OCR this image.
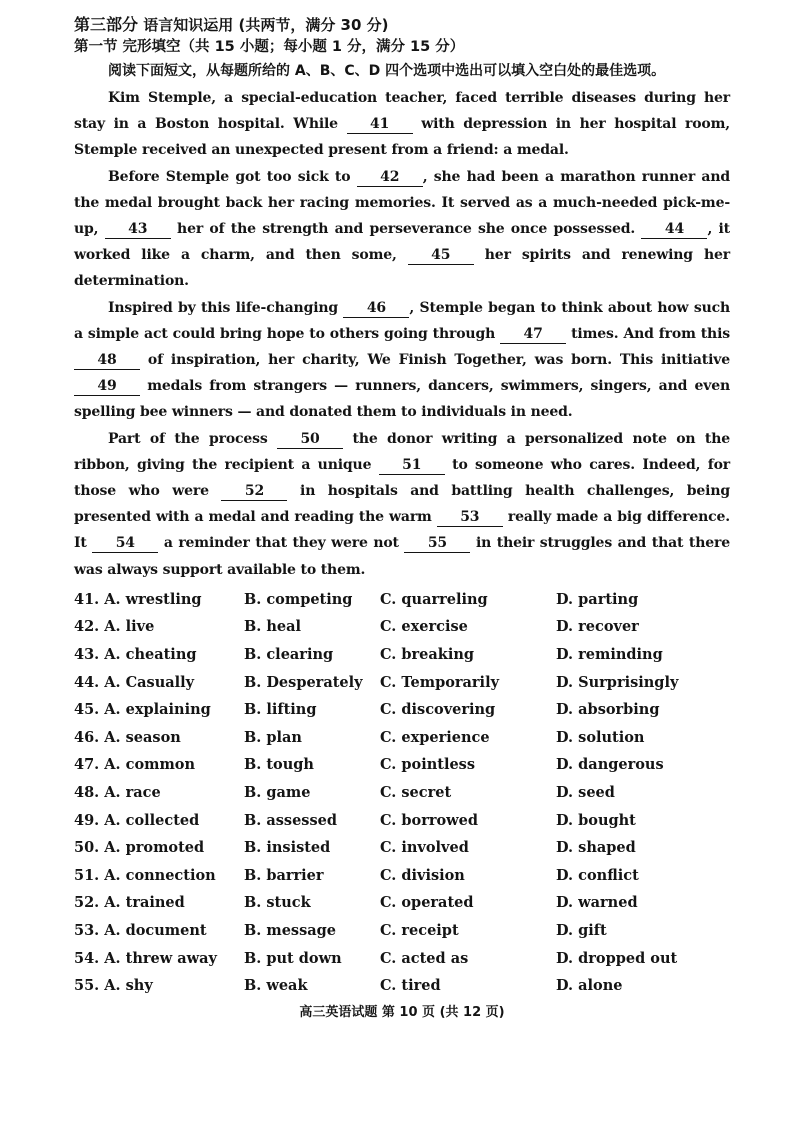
第三部分 语言知识运用 (共两节，满分 30 分)
第一节 完形填空（共 15 小题；每小题 1 分，满分 15 分）
阅读下面短文，从每题所给的 A、B、C、D 四个选项中选出可以填入空白处的最佳选项。

Kim Stemple, a special-education teacher, faced terrible diseases during her stay in a Boston hospital. While 41 with depression in her hospital room, Stemple received an unexpected present from a friend: a medal.

Before Stemple got too sick to 42 , she had been a marathon runner and the medal brought back her racing memories. It served as a much-needed pick-me-up, 43 her of the strength and perseverance she once possessed. 44 , it worked like a charm, and then some, 45 her spirits and renewing her determination.

Inspired by this life-changing 46 , Stemple began to think about how such a simple act could bring hope to others going through 47 times. And from this 48 of inspiration, her charity, We Finish Together, was born. This initiative 49 medals from strangers — runners, dancers, swimmers, singers, and even spelling bee winners — and donated them to individuals in need.

Part of the process 50 the donor writing a personalized note on the ribbon, giving the recipient a unique 51 to someone who cares. Indeed, for those who were 52 in hospitals and battling health challenges, being presented with a medal and reading the warm 53 really made a big difference. It 54 a reminder that they were not 55 in their struggles and that there was always support available to them.

41. A. wrestling	B. competing	C. quarreling	D. parting
42. A. live	B. heal	C. exercise	D. recover
43. A. cheating	B. clearing	C. breaking	D. reminding
44. A. Casually	B. Desperately	C. Temporarily	D. Surprisingly
45. A. explaining	B. lifting	C. discovering	D. absorbing
46. A. season	B. plan	C. experience	D. solution
47. A. common	B. tough	C. pointless	D. dangerous
48. A. race	B. game	C. secret	D. seed
49. A. collected	B. assessed	C. borrowed	D. bought
50. A. promoted	B. insisted	C. involved	D. shaped
51. A. connection	B. barrier	C. division	D. conflict
52. A. trained	B. stuck	C. operated	D. warned
53. A. document	B. message	C. receipt	D. gift
54. A. threw away	B. put down	C. acted as	D. dropped out
55. A. shy	B. weak	C. tired	D. alone
高三英语试题 第 10 页 (共 12 页)
